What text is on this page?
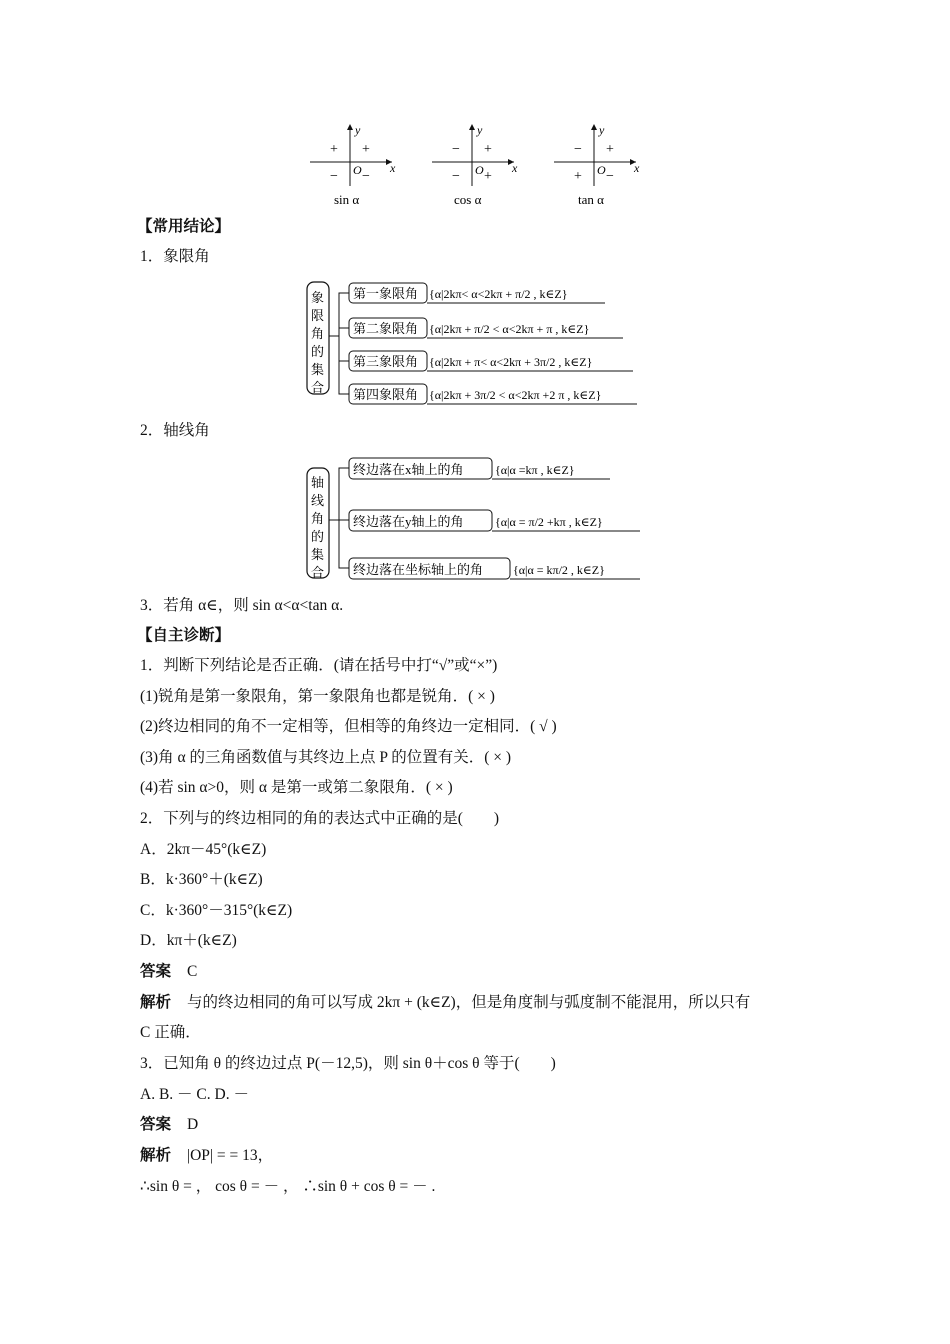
y
x
O
+
+
− −
sin α
y
x
O
+
−
− +
cos α
y
x
O
+
−
+ −
tan α
【常用结论】
1．象限角
象
限
角
的
集
合
第一象限角 {α|2kπ< α<2kπ + π/2 , k∈Z}
第二象限角 {α|2kπ + π/2 < α<2kπ + π , k∈Z}
第三象限角 {α|2kπ + π< α<2kπ + 3π/2 , k∈Z}
第四象限角 {α|2kπ + 3π/2 < α<2kπ +2 π , k∈Z}
2．轴线角
轴
线
角
的
集
合
终边落在x轴上的角	{α|α =kπ , k∈Z}
终边落在y轴上的角	{α|α = π/2 +kπ , k∈Z}
终边落在坐标轴上的角 {α|α = kπ/2 , k∈Z}
3．若角 α∈，则 sin α<α<tan α.
【自主诊断】
1．判断下列结论是否正确．(请在括号中打“√”或“×”)
(1)锐角是第一象限角，第一象限角也都是锐角．( × )
(2)终边相同的角不一定相等，但相等的角终边一定相同．( √ )
(3)角 α 的三角函数值与其终边上点 P 的位置有关．( × )
(4)若 sin α>0，则 α 是第一或第二象限角．( × )
2．下列与的终边相同的角的表达式中正确的是(　　)
A．2kπ－45°(k∈Z)
B．k·360°＋(k∈Z)
C．k·360°－315°(k∈Z)
D．kπ＋(k∈Z)
答案 C
解析 与的终边相同的角可以写成 2kπ + (k∈Z)，但是角度制与弧度制不能混用，所以只有
C 正确．
3．已知角 θ 的终边过点 P(－12,5)，则 sin θ＋cos θ 等于(　　)
A. B. － C. D. －
答案 D
解析 |OP| = = 13，
∴sin θ = ， cos θ = － ， ∴sin θ + cos θ = － .
